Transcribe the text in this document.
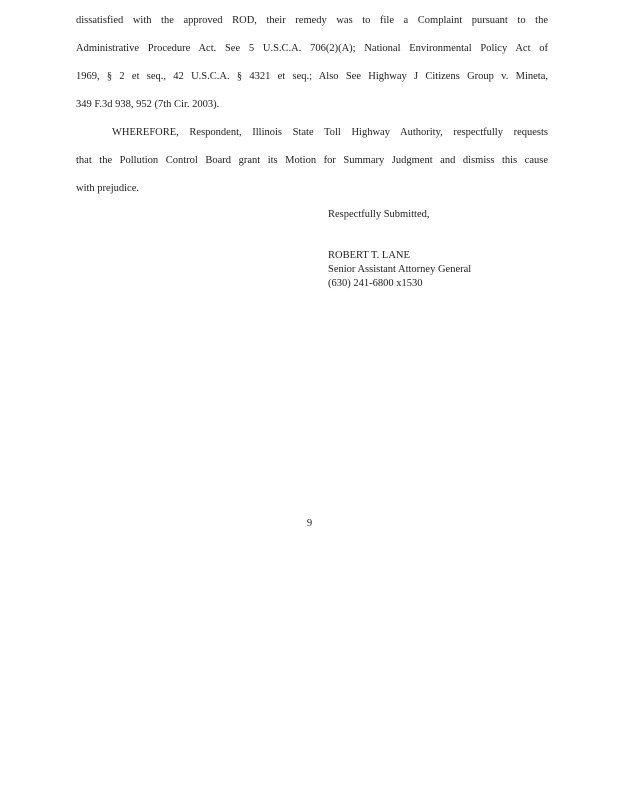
dissatisfied with the approved ROD, their remedy was to file a Complaint pursuant to the
Administrative Procedure Act. See 5 U.S.C.A. 706(2)(A); National Environmental Policy Act of
1969, § 2 et seq., 42 U.S.C.A. § 4321 et seq.; Also See Highway J Citizens Group v. Mineta,
349 F.3d 938, 952 (7th Cir. 2003).
WHEREFORE, Respondent, Illinois State Toll Highway Authority, respectfully requests
that the Pollution Control Board grant its Motion for Summary Judgment and dismiss this cause
with prejudice.
Respectfully Submitted,
ROBERT T. LANE
Senior Assistant Attorney General
(630) 241-6800 x1530
9
